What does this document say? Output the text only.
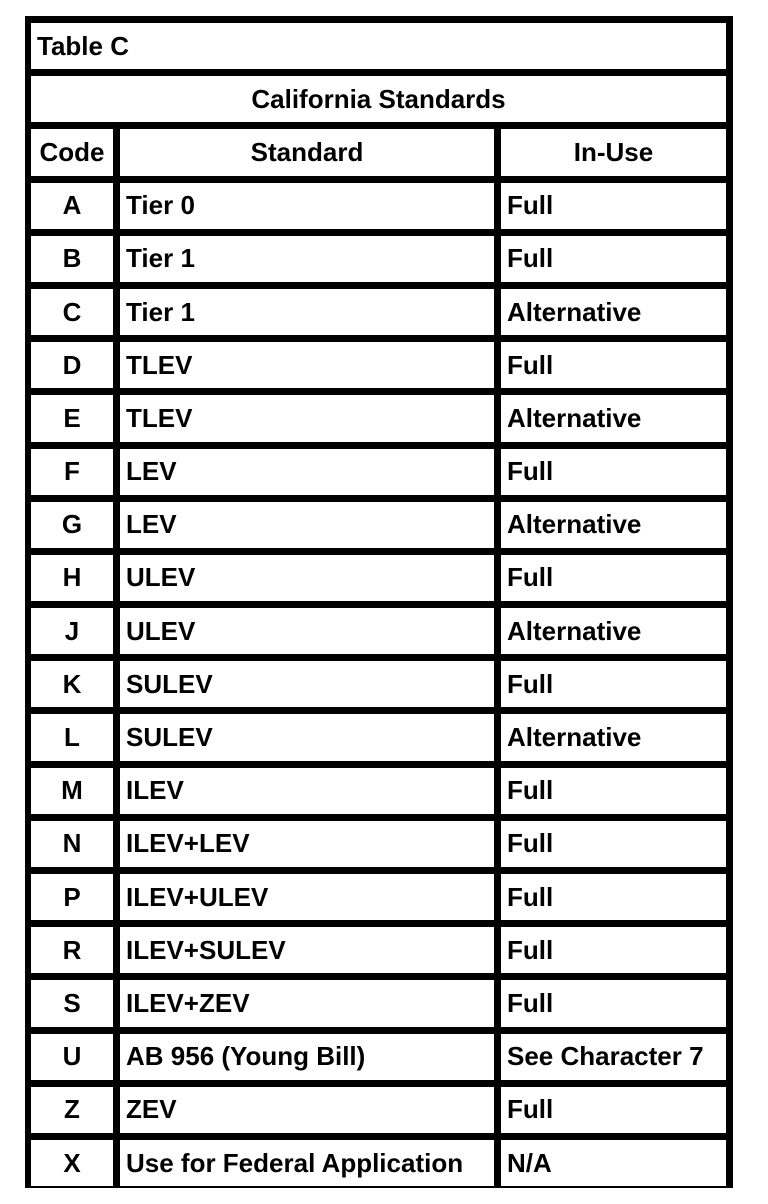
Table C
California Standards
Code	Standard	In-Use
A	Tier 0	Full
B	Tier 1	Full
C	Tier 1	Alternative
D	TLEV	Full
E	TLEV	Alternative
F	LEV	Full
G	LEV	Alternative
H	ULEV	Full
J	ULEV	Alternative
K	SULEV	Full
L	SULEV	Alternative
M	ILEV	Full
N	ILEV+LEV	Full
P	ILEV+ULEV	Full
R	ILEV+SULEV	Full
S	ILEV+ZEV	Full
U	AB 956 (Young Bill)	See Character 7
Z	ZEV	Full
X	Use for Federal Application	N/A
